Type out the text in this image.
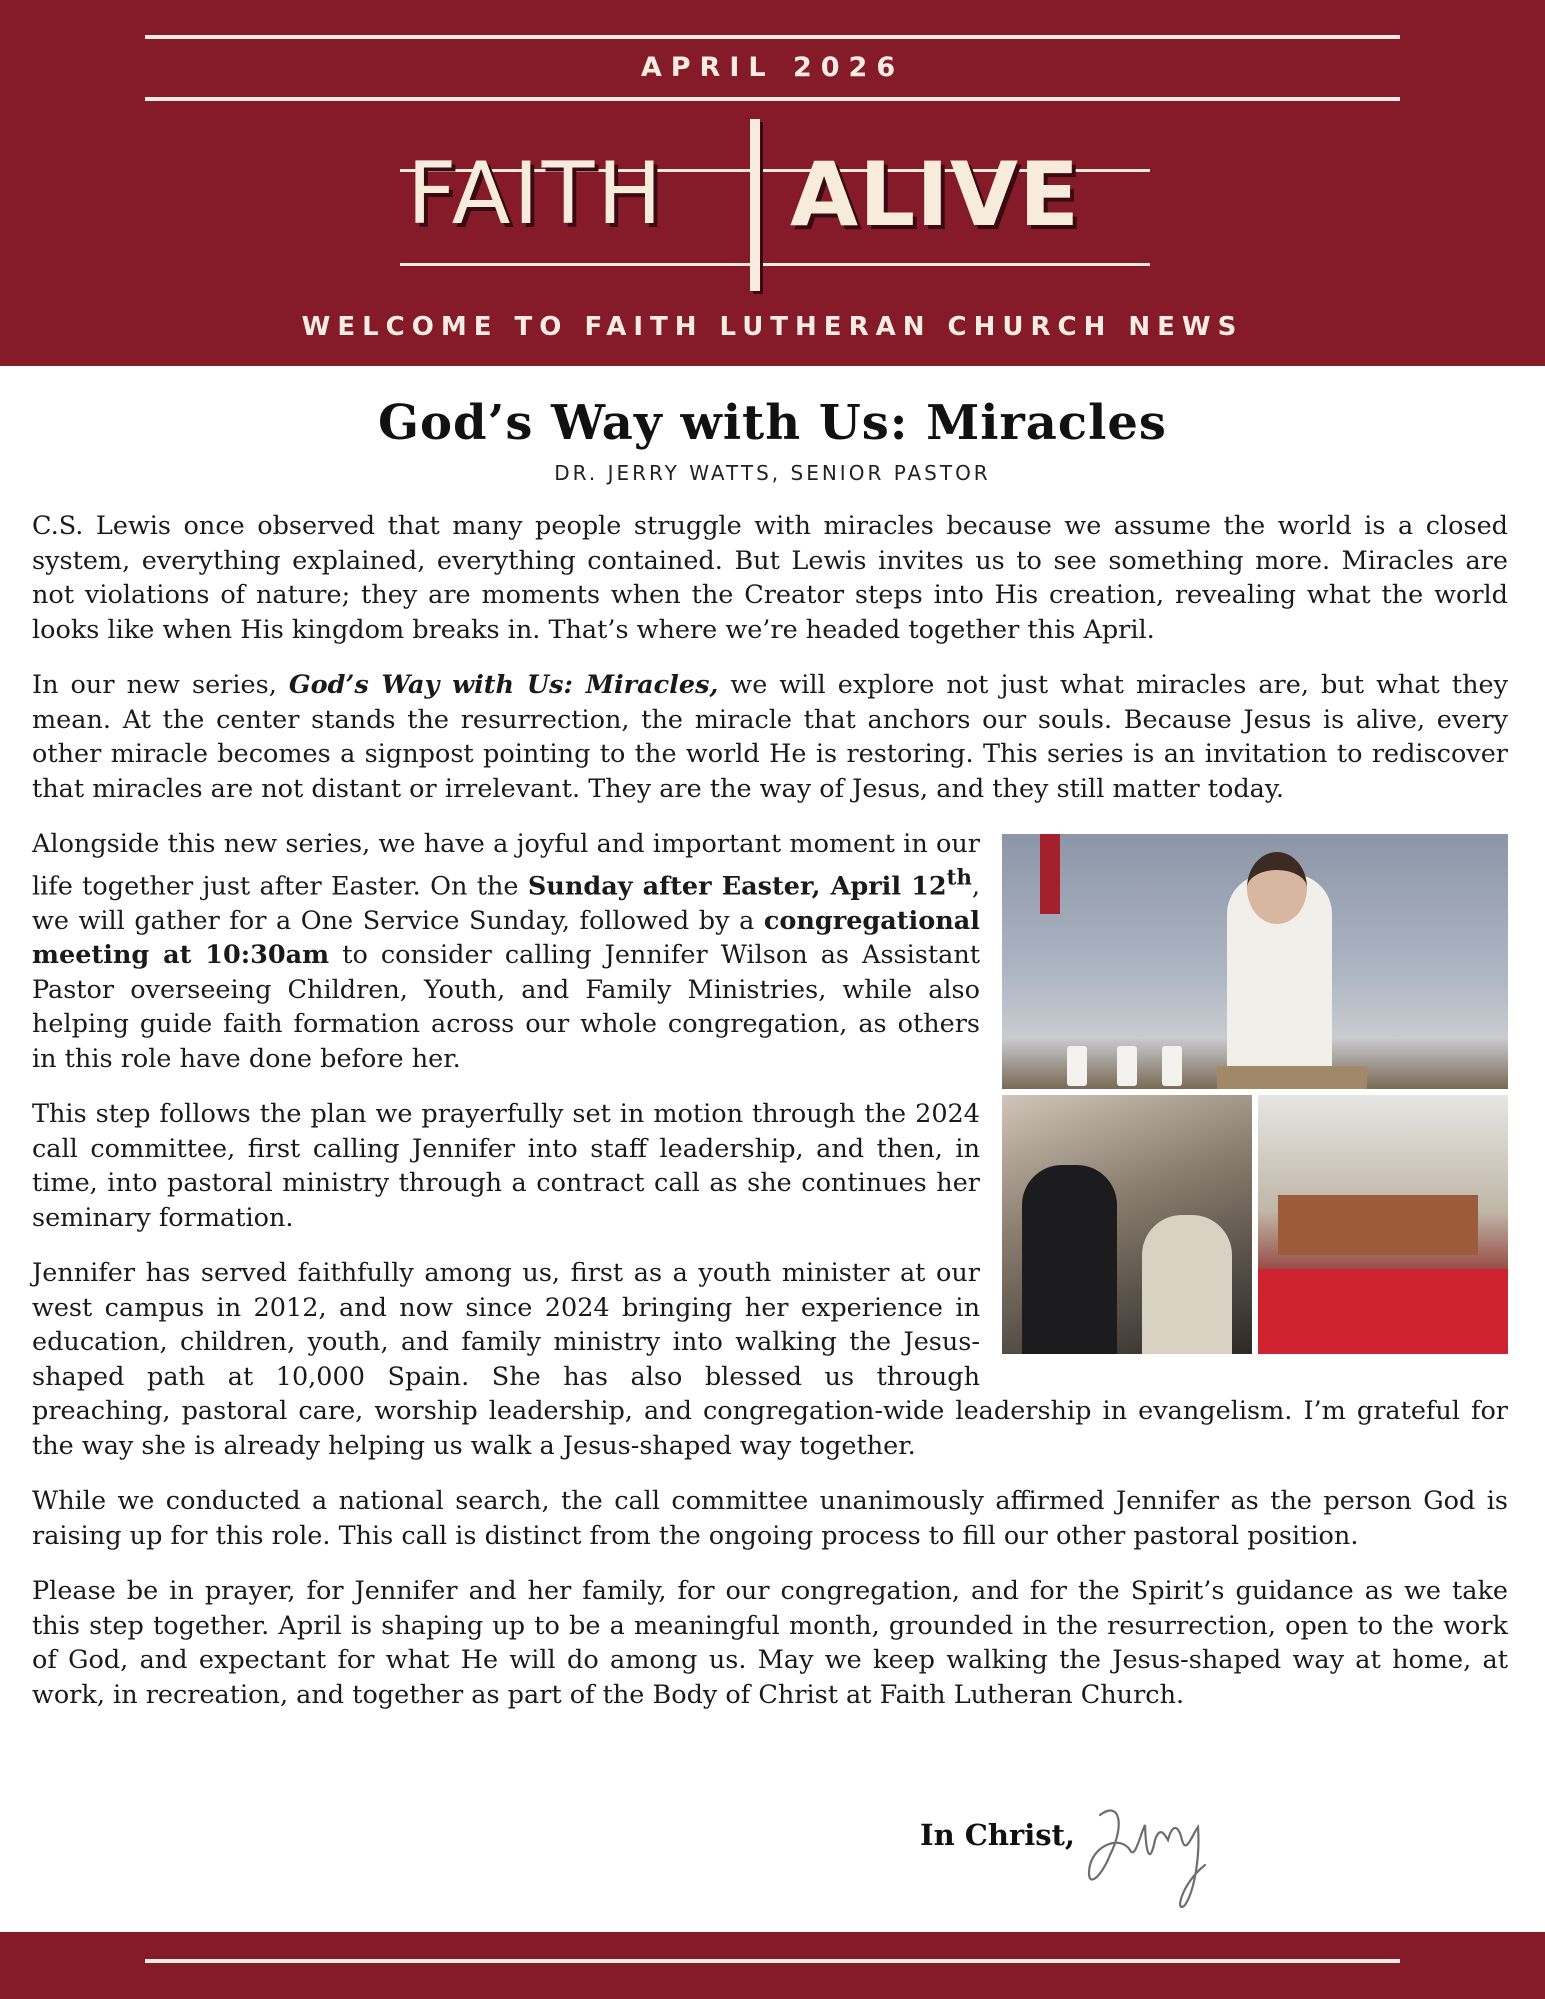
APRIL 2026
FAITH ALIVE
WELCOME TO FAITH LUTHERAN CHURCH NEWS
God’s Way with Us: Miracles
DR. JERRY WATTS, SENIOR PASTOR

C.S. Lewis once observed that many people struggle with miracles because we assume the world is a closed system, everything explained, everything contained. But Lewis invites us to see something more. Miracles are not violations of nature; they are moments when the Creator steps into His creation, revealing what the world looks like when His kingdom breaks in. That’s where we’re headed together this April.

In our new series, God’s Way with Us: Miracles, we will explore not just what miracles are, but what they mean. At the center stands the resurrection, the miracle that anchors our souls. Because Jesus is alive, every other miracle becomes a signpost pointing to the world He is restoring. This series is an invitation to rediscover that miracles are not distant or irrelevant. They are the way of Jesus, and they still matter today.

Alongside this new series, we have a joyful and important moment in our life together just after Easter. On the Sunday after Easter, April 12th, we will gather for a One Service Sunday, followed by a congregational meeting at 10:30am to consider calling Jennifer Wilson as Assistant Pastor overseeing Children, Youth, and Family Ministries, while also helping guide faith formation across our whole congregation, as others in this role have done before her.

This step follows the plan we prayerfully set in motion through the 2024 call committee, first calling Jennifer into staff leadership, and then, in time, into pastoral ministry through a contract call as she continues her seminary formation.

Jennifer has served faithfully among us, first as a youth minister at our west campus in 2012, and now since 2024 bringing her experience in education, children, youth, and family ministry into walking the Jesus-shaped path at 10,000 Spain. She has also blessed us through preaching, pastoral care, worship leadership, and congregation-wide leadership in evangelism. I’m grateful for the way she is already helping us walk a Jesus-shaped way together.

While we conducted a national search, the call committee unanimously affirmed Jennifer as the person God is raising up for this role. This call is distinct from the ongoing process to fill our other pastoral position.

Please be in prayer, for Jennifer and her family, for our congregation, and for the Spirit’s guidance as we take this step together. April is shaping up to be a meaningful month, grounded in the resurrection, open to the work of God, and expectant for what He will do among us. May we keep walking the Jesus-shaped way at home, at work, in recreation, and together as part of the Body of Christ at Faith Lutheran Church.

In Christ,
